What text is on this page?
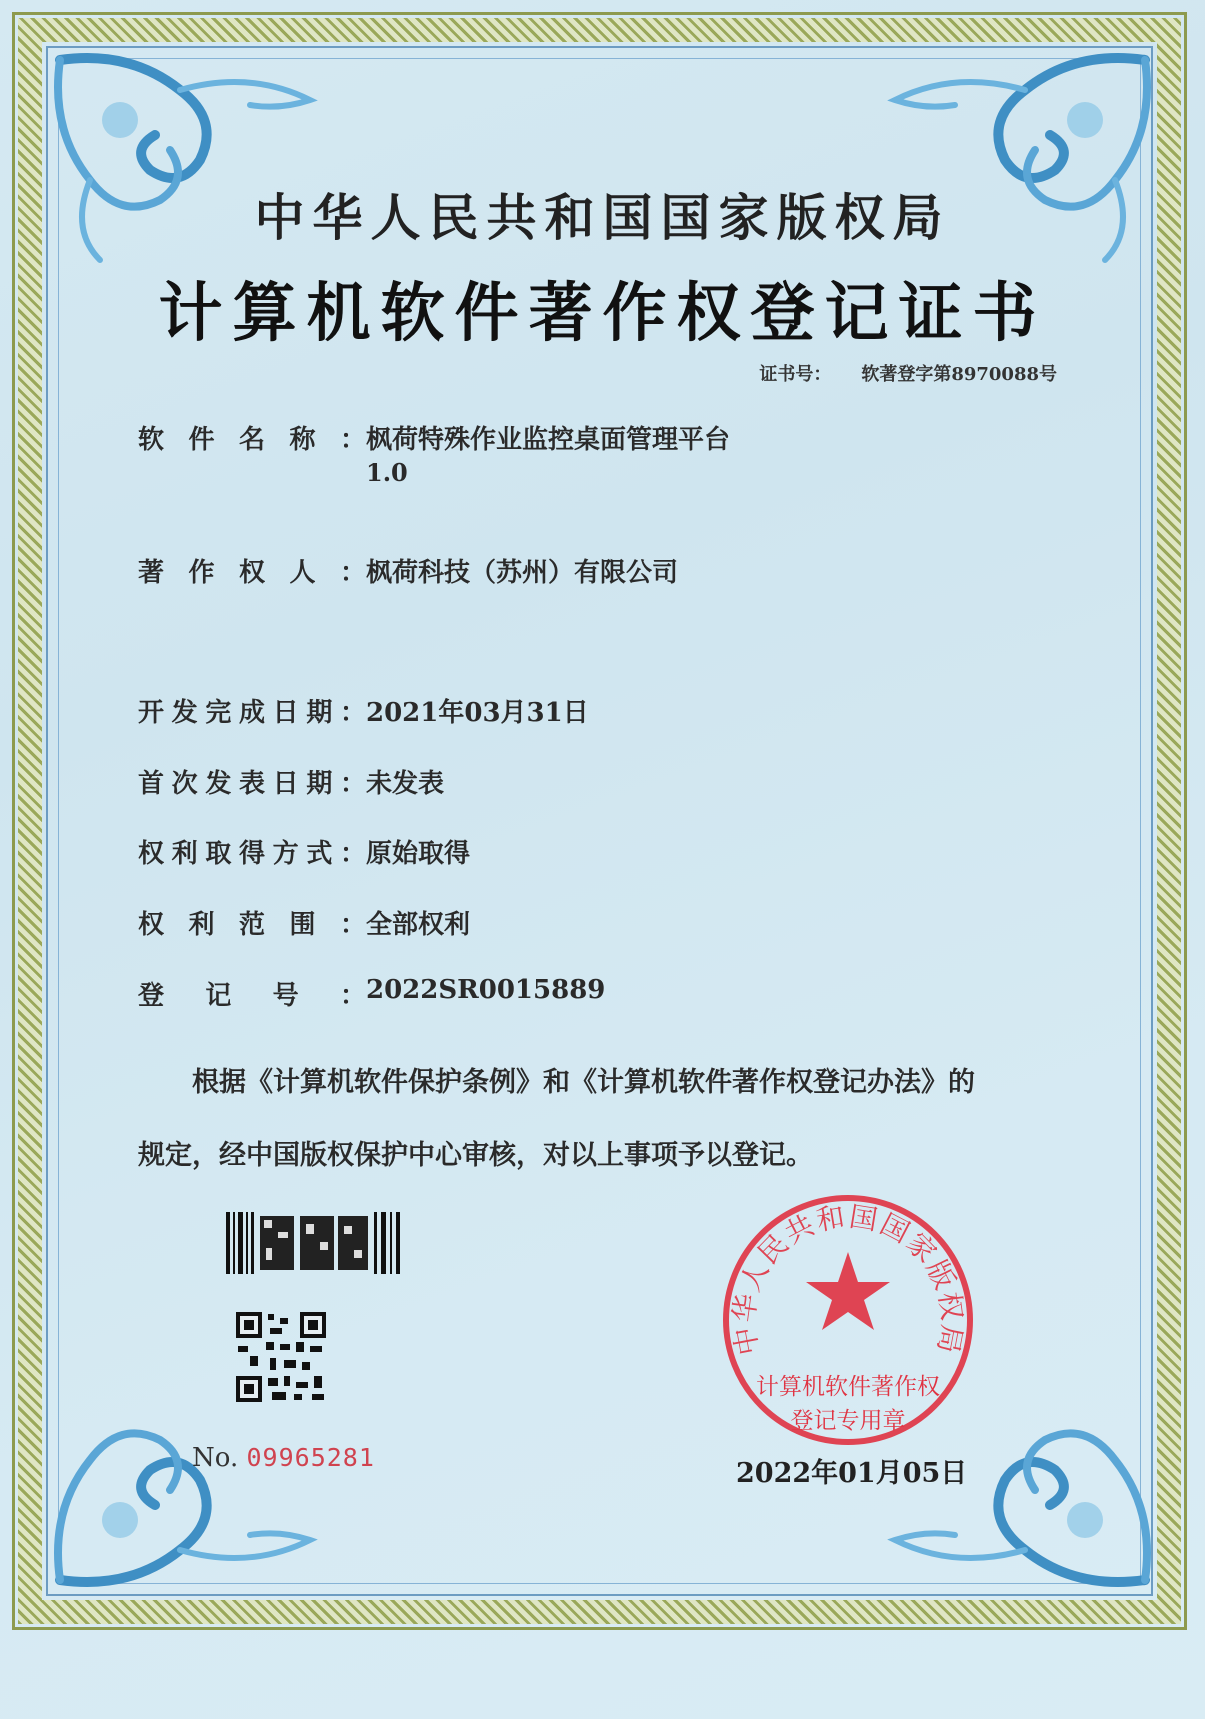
中华人民共和国国家版权局
计算机软件著作权登记证书
证书号： 软著登字第8970088号
软件名称： 枫荷特殊作业监控桌面管理平台
1.0
著作权人： 枫荷科技（苏州）有限公司
开发完成日期： 2021年03月31日
首次发表日期： 未发表
权利取得方式： 原始取得
权利范围： 全部权利
登记号： 2022SR0015889
根据《计算机软件保护条例》和《计算机软件著作权登记办法》的
规定，经中国版权保护中心审核，对以上事项予以登记。
No. 09965281
中华人民共和国国家版权局
计算机软件著作权
登记专用章
2022年01月05日
